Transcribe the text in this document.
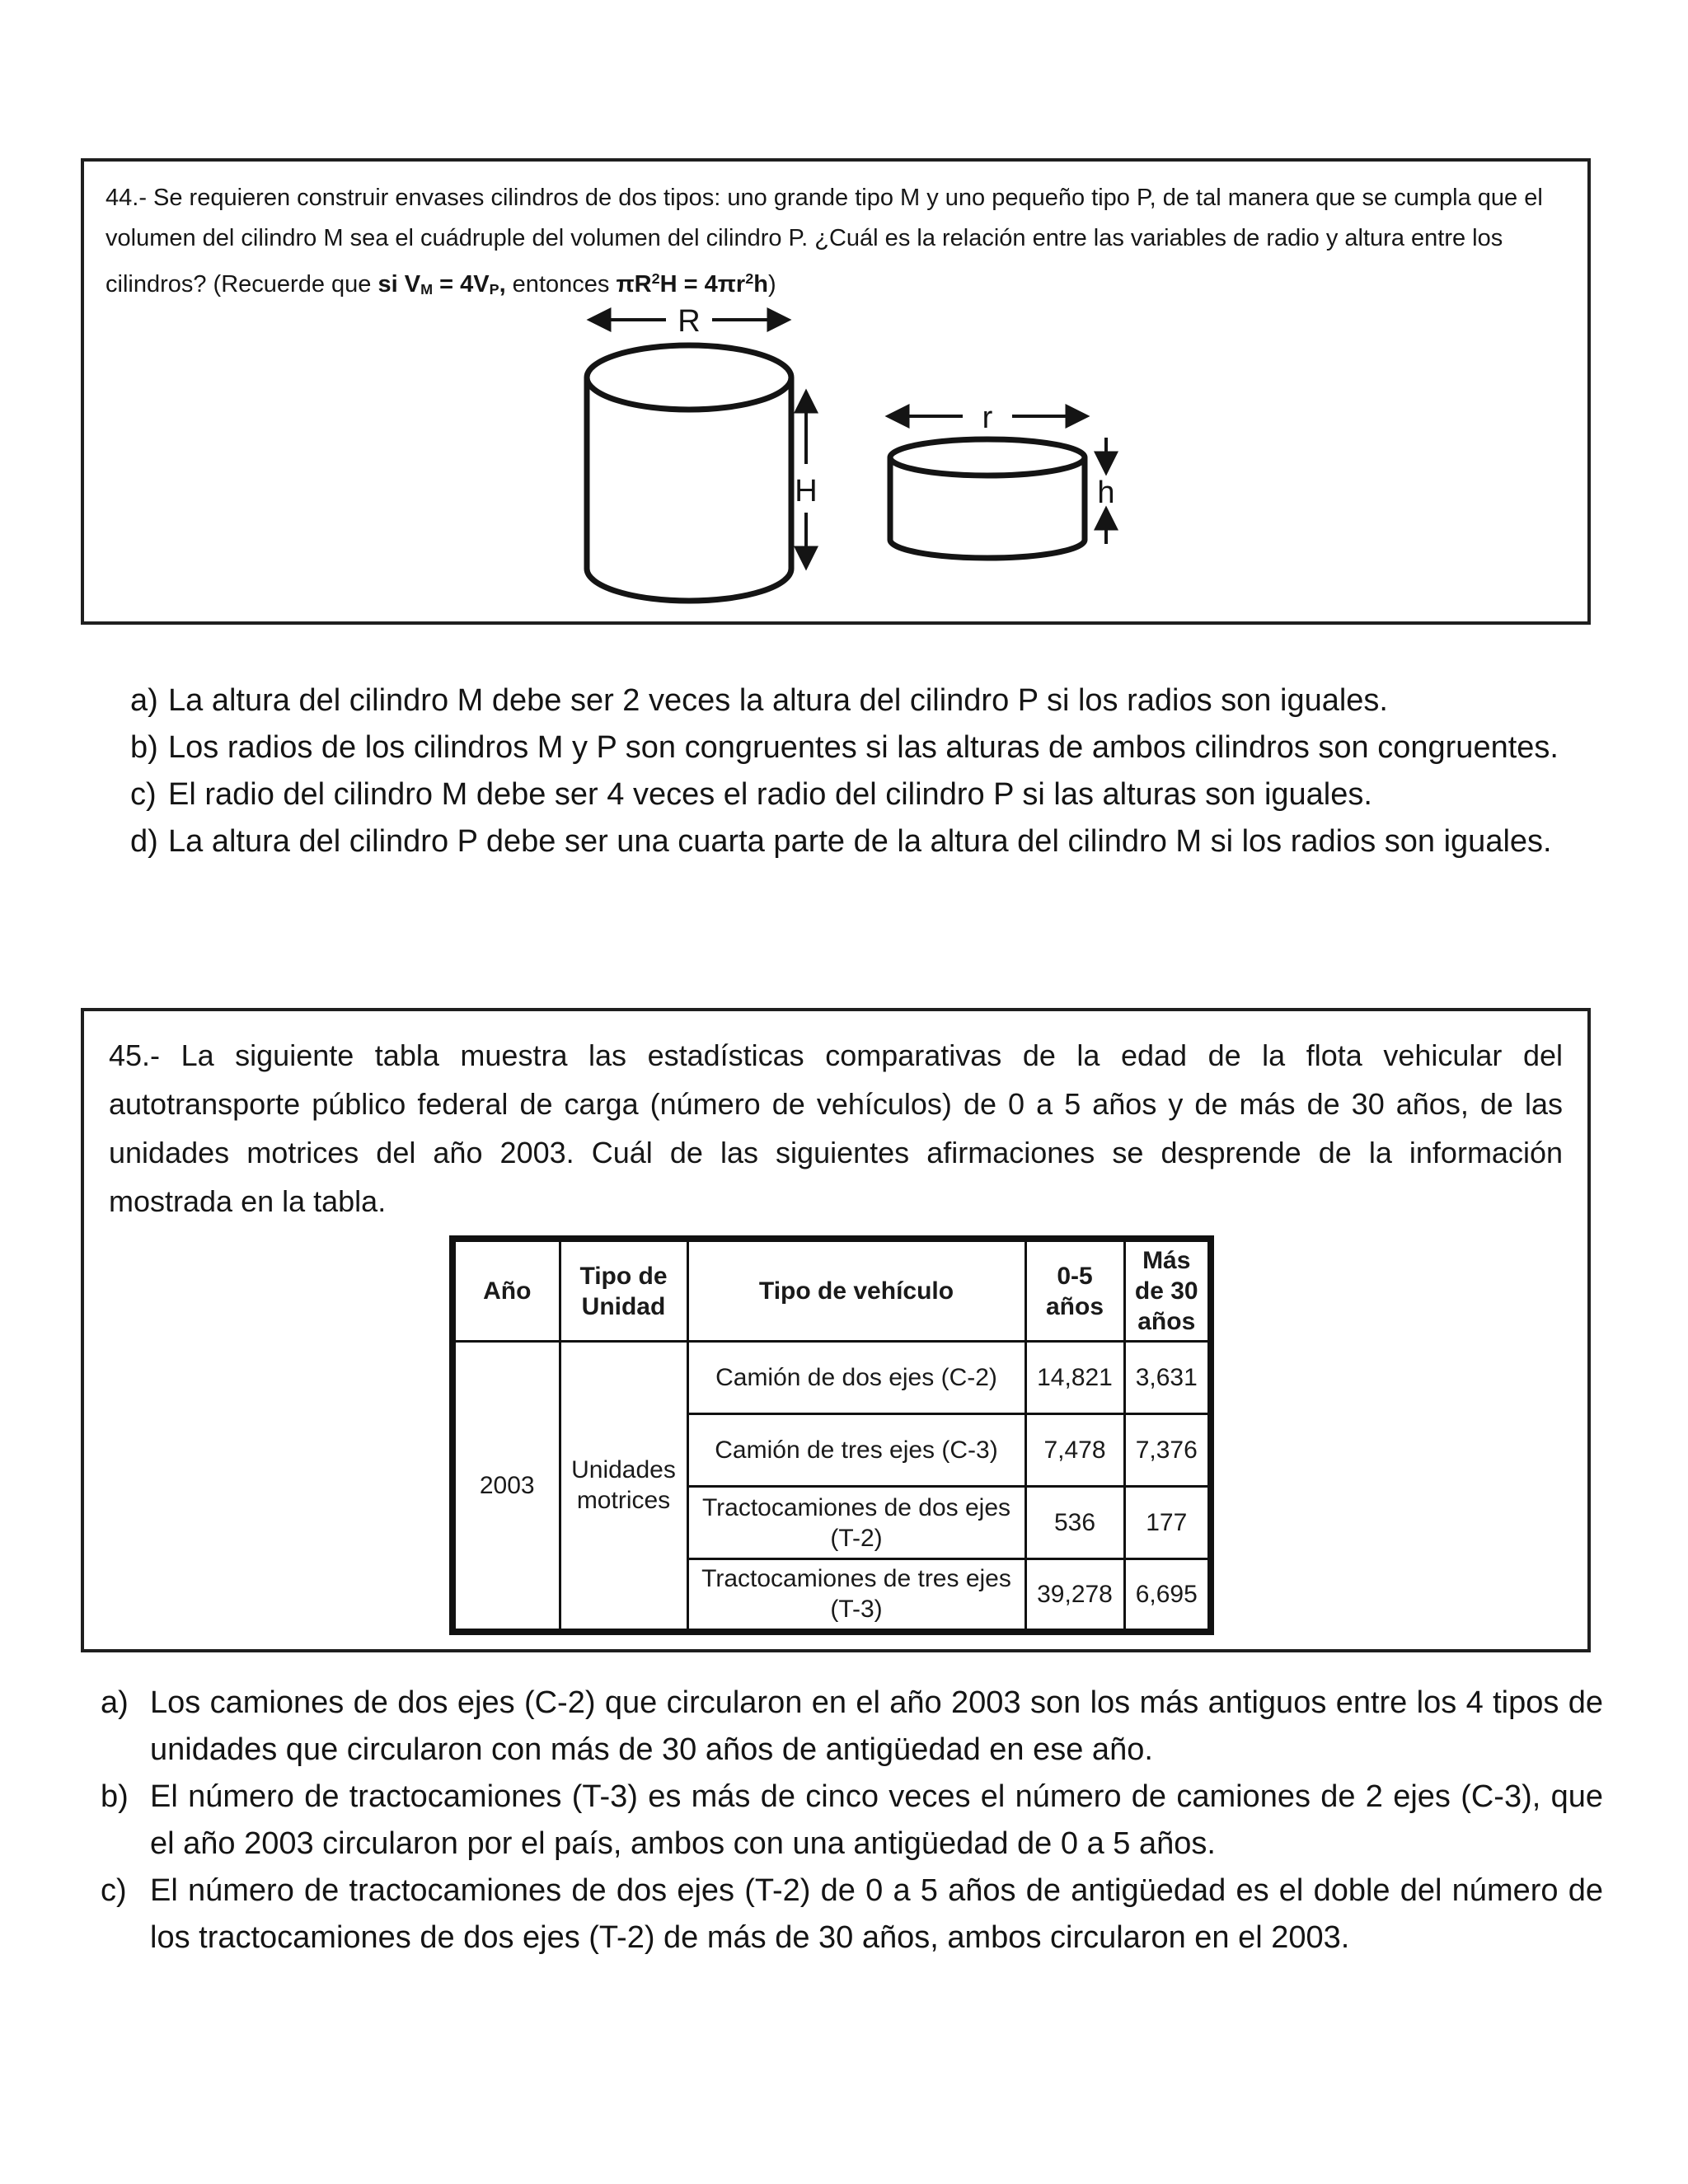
44.- Se requieren construir envases cilindros de dos tipos: uno grande tipo M y uno pequeño tipo P, de tal manera que se cumpla que el volumen del cilindro M sea el cuádruple del volumen del cilindro P. ¿Cuál es la relación entre las variables de radio y altura entre los cilindros? (Recuerde que si $V_M = 4V_P$, entonces $\pi R^2H = 4\pi r^2h$)

R
H
r
h
a) La altura del cilindro M debe ser 2 veces la altura del cilindro P si los radios son iguales.
b) Los radios de los cilindros M y P son congruentes si las alturas de ambos cilindros son congruentes.
c) El radio del cilindro M debe ser 4 veces el radio del cilindro P si las alturas son iguales.
d) La altura del cilindro P debe ser una cuarta parte de la altura del cilindro M si los radios son iguales.

45.- La siguiente tabla muestra las estadísticas comparativas de la edad de la flota vehicular del autotransporte público federal de carga (número de vehículos) de 0 a 5 años y de más de 30 años, de las unidades motrices del año 2003. Cuál de las siguientes afirmaciones se desprende de la información mostrada en la tabla.

Año	Tipo de Unidad	Tipo de vehículo	0-5 años	Más de 30 años
2003	Unidades motrices	Camión de dos ejes (C-2)	14,821	3,631
		Camión de tres ejes (C-3)	7,478	7,376
		Tractocamiones de dos ejes (T-2)	536	177
		Tractocamiones de tres ejes (T-3)	39,278	6,695
a) Los camiones de dos ejes (C-2) que circularon en el año 2003 son los más antiguos entre los 4 tipos de unidades que circularon con más de 30 años de antigüedad en ese año.
b) El número de tractocamiones (T-3) es más de cinco veces el número de camiones de 2 ejes (C-3), que el año 2003 circularon por el país, ambos con una antigüedad de 0 a 5 años.
c) El número de tractocamiones de dos ejes (T-2) de 0 a 5 años de antigüedad es el doble del número de los tractocamiones de dos ejes (T-2) de más de 30 años, ambos circularon en el 2003.
